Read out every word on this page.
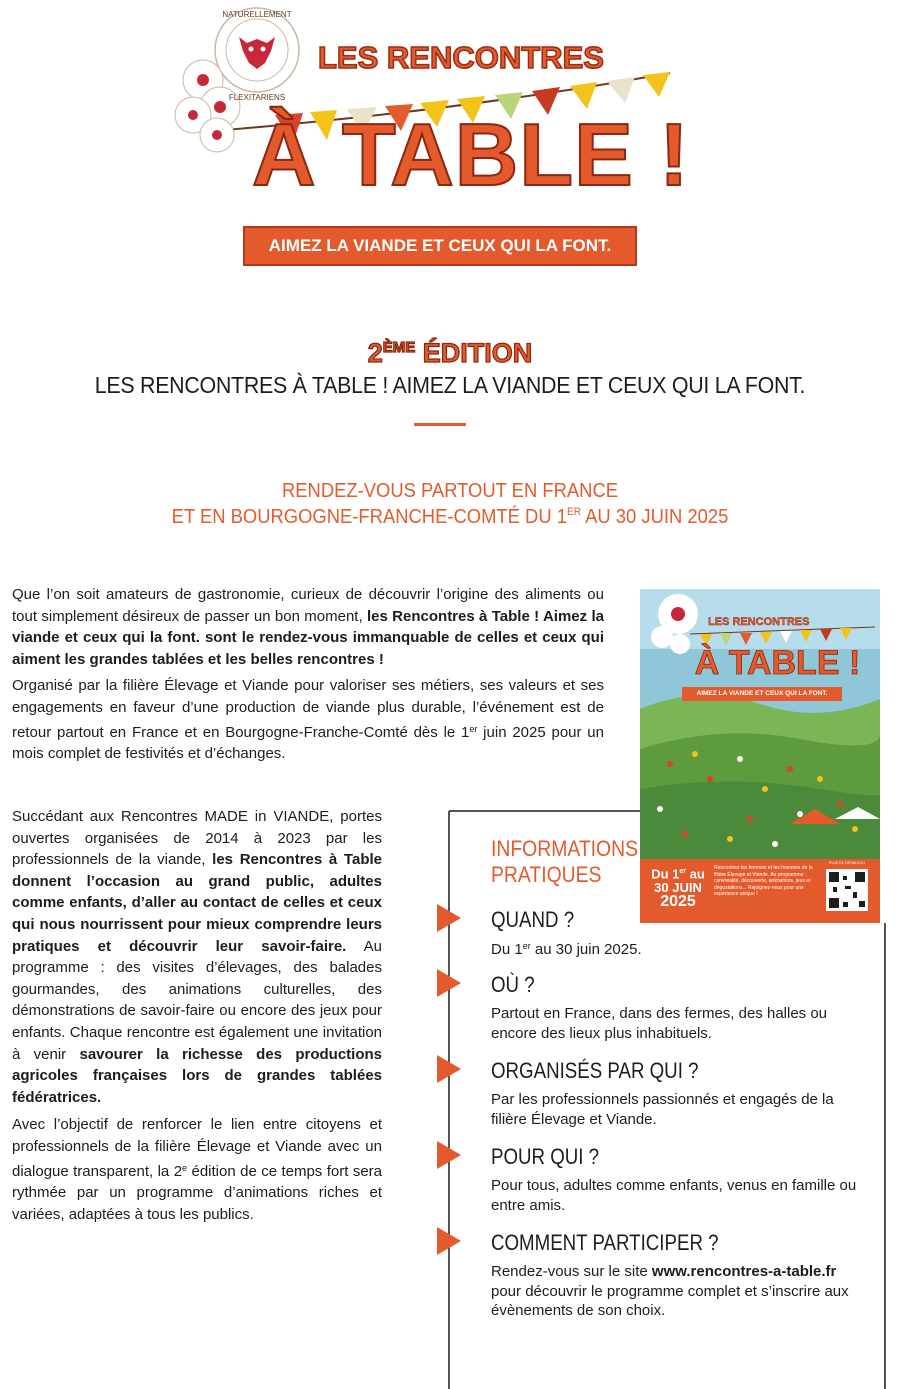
NATURELLEMENT
FLEXITARIENS
LES RENCONTRES
À TABLE !
AIMEZ LA VIANDE ET CEUX QUI LA FONT.
2ÈME ÉDITION
LES RENCONTRES À TABLE ! AIMEZ LA VIANDE ET CEUX QUI LA FONT.
RENDEZ-VOUS PARTOUT EN FRANCE
ET EN BOURGOGNE-FRANCHE-COMTÉ DU 1ER AU 30 JUIN 2025

Que l’on soit amateurs de gastronomie, curieux de découvrir l’origine des aliments ou tout simplement désireux de passer un bon moment, les Rencontres à Table ! Aimez la viande et ceux qui la font. sont le rendez-vous immanquable de celles et ceux qui aiment les grandes tablées et les belles rencontres !

Organisé par la filière Élevage et Viande pour valoriser ses métiers, ses valeurs et ses engagements en faveur d’une production de viande plus durable, l’événement est de retour partout en France et en Bourgogne-Franche-Comté dès le 1er juin 2025 pour un mois complet de festivités et d’échanges.

Succédant aux Rencontres MADE in VIANDE, portes ouvertes organisées de 2014 à 2023 par les professionnels de la viande, les Rencontres à Table donnent l’occasion au grand public, adultes comme enfants, d’aller au contact de celles et ceux qui nous nourrissent pour mieux comprendre leurs pratiques et découvrir leur savoir-faire. Au programme : des visites d’élevages, des balades gourmandes, des animations culturelles, des démonstrations de savoir-faire ou encore des jeux pour enfants. Chaque rencontre est également une invitation à venir savourer la richesse des productions agricoles françaises lors de grandes tablées fédératrices.

Avec l’objectif de renforcer le lien entre citoyens et professionnels de la filière Élevage et Viande avec un dialogue transparent, la 2e édition de ce temps fort sera rythmée par un programme d’animations riches et variées, adaptées à tous les publics.

LES RENCONTRES
À TABLE !
AIMEZ LA VIANDE ET CEUX QUI LA FONT.
Du 1er au
30 JUIN
2025
Rencontrez les femmes et les hommes de la filière Élevage et Viande. Au programme : convivialité, découverte, animations, jeux et dégustations... Rejoignez-nous pour une expérience unique !
PLUS DE DÉTAILS ICI
INFORMATIONS
PRATIQUES
QUAND ?

Du 1er au 30 juin 2025.

OÙ ?

Partout en France, dans des fermes, des halles ou encore des lieux plus inhabituels.

ORGANISÉS PAR QUI ?

Par les professionnels passionnés et engagés de la filière Élevage et Viande.

POUR QUI ?

Pour tous, adultes comme enfants, venus en famille ou entre amis.

COMMENT PARTICIPER ?

Rendez-vous sur le site www.rencontres-a-table.fr pour découvrir le programme complet et s’inscrire aux évènements de son choix.
